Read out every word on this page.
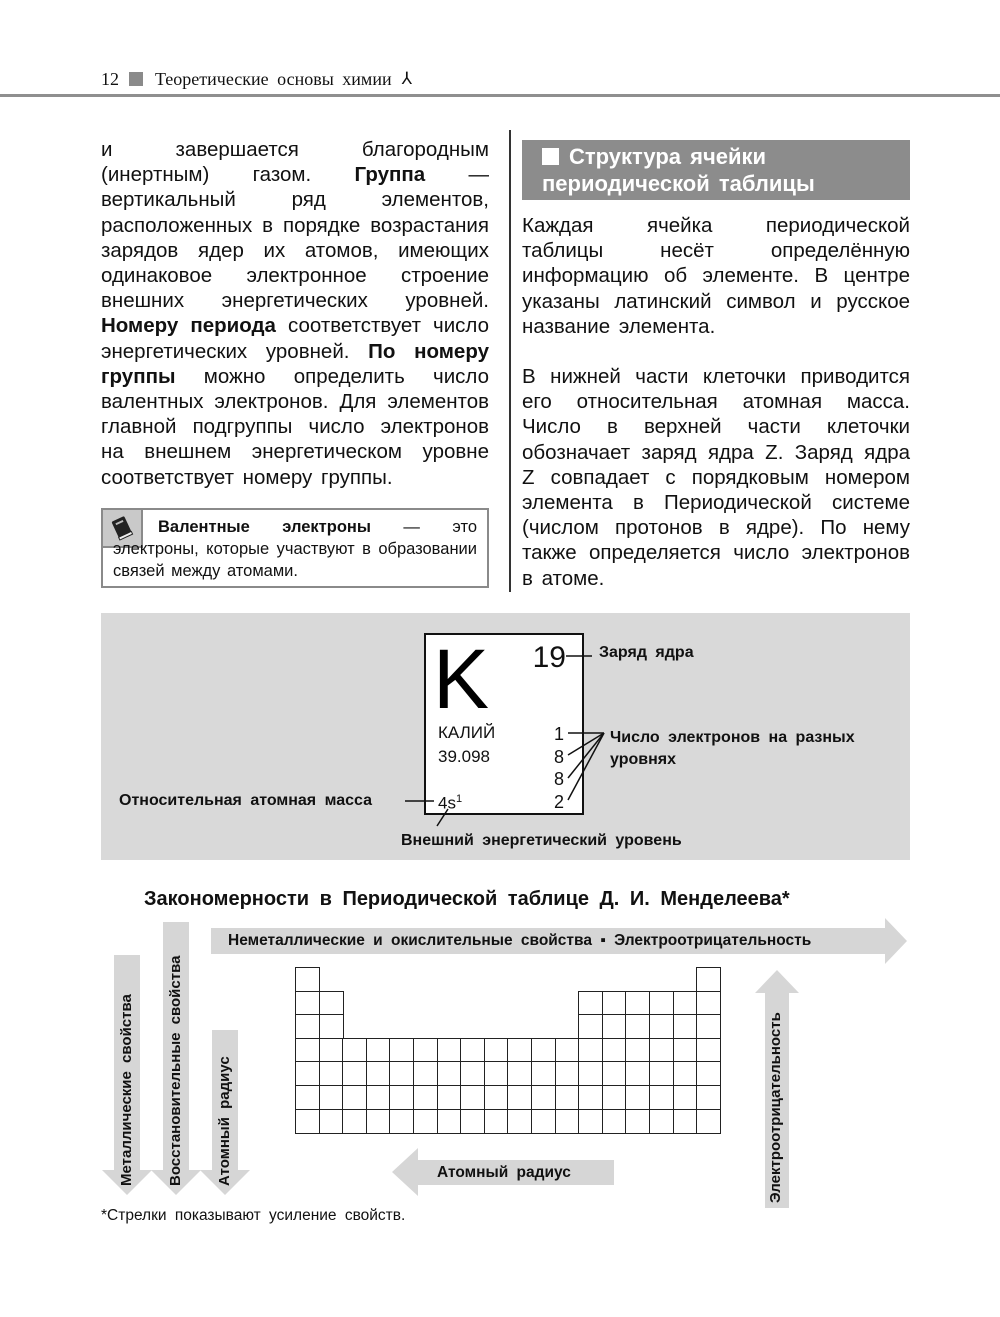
12 Теоретические основы химии ⅄

и завершается благородным (инертным) газом. Группа — вертикальный ряд элементов, расположенных в порядке возрастания зарядов ядер их атомов, имеющих одинаковое электронное строение внешних энергетических уровней. Номеру периода соответствует число энергетических уровней. По номеру группы можно определить число валентных электронов. Для элементов главной подгруппы число электронов на внешнем энергетическом уровне соответствует номеру группы.

Валентные электроны — это электроны, которые участвуют в образовании связей между атомами.
Структура ячейки периодической таблицы

Каждая ячейка периодической таблицы несёт определённую информацию об элементе. В центре указаны латинский символ и русское название элемента.

В нижней части клеточки приводится его относительная атомная масса. Число в верхней части клеточки обозначает заряд ядра Z. Заряд ядра Z совпадает с порядковым номером элемента в Периодической системе (числом протонов в ядре). По нему также определяется число электронов в атоме.

K 19
КАЛИЙ
39.098
1
8
8
2
$4s^1$
Заряд ядра
Число электронов на разных уровнях
Относительная атомная масса
Внешний энергетический уровень
Закономерности в Периодической таблице Д. И. Менделеева*
Неметаллические и окислительные свойства ▪ Электроотрицательность
Атомный радиус
Металлические свойства Восстановительные свойства Атомный радиус	Электроотрицательность
*Стрелки показывают усиление свойств.
